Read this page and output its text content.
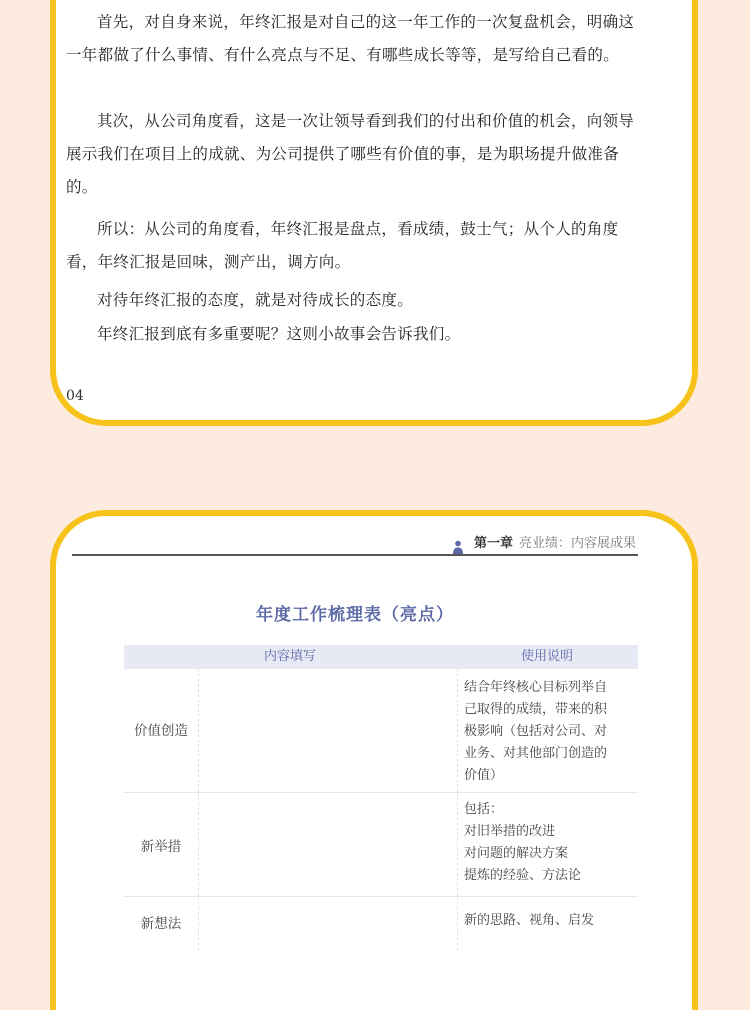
首先，对自身来说，年终汇报是对自己的这一年工作的一次复盘机会，明确这一年都做了什么事情、有什么亮点与不足、有哪些成长等等，是写给自己看的。

其次，从公司角度看，这是一次让领导看到我们的付出和价值的机会，向领导展示我们在项目上的成就、为公司提供了哪些有价值的事，是为职场提升做准备的。

所以：从公司的角度看，年终汇报是盘点，看成绩，鼓士气；从个人的角度看，年终汇报是回味，测产出，调方向。

对待年终汇报的态度，就是对待成长的态度。

年终汇报到底有多重要呢？这则小故事会告诉我们。

04
第一章 亮业绩：内容展成果
年度工作梳理表（亮点）
内容填写	使用说明
价值创造
结合年终核心目标列举自
己取得的成绩，带来的积
极影响（包括对公司、对
业务、对其他部门创造的
价值）
新举措
包括：
对旧举措的改进
对问题的解决方案
提炼的经验、方法论
新想法	新的思路、视角、启发
